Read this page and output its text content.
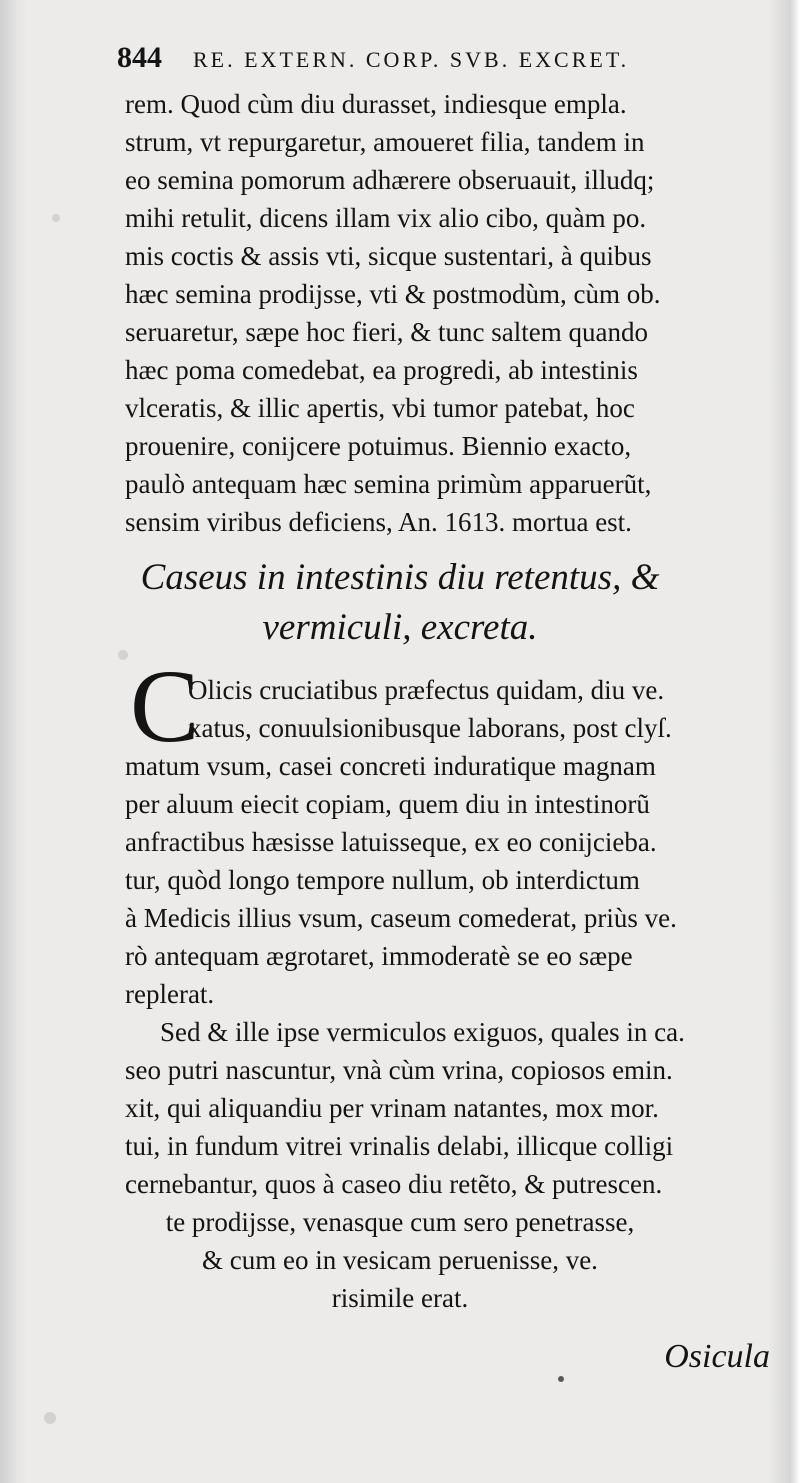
844 RE. EXTERN. CORP. SVB. EXCRET.
rem. Quod cùm diu durasset, indiesque empla.
strum, vt repurgaretur, amoueret filia, tandem in
eo semina pomorum adhærere obseruauit, illudq;
mihi retulit, dicens illam vix alio cibo, quàm po.
mis coctis & assis vti, sicque sustentari, à quibus
hæc semina prodijsse, vti & postmodùm, cùm ob.
seruaretur, sæpe hoc fieri, & tunc saltem quando
hæc poma comedebat, ea progredi, ab intestinis
vlceratis, & illic apertis, vbi tumor patebat, hoc
prouenire, conijcere potuimus. Biennio exacto,
paulò antequam hæc semina primùm apparuerũt,
sensim viribus deficiens, An. 1613. mortua est.
Caseus in intestinis diu retentus, &
vermiculi, excreta.
C
Olicis cruciatibus præfectus quidam, diu ve.
xatus, conuulsionibusque laborans, post clyſ.
matum vsum, casei concreti induratique magnam
per aluum eiecit copiam, quem diu in intestinorũ
anfractibus hæsisse latuisseque, ex eo conijcieba.
tur, quòd longo tempore nullum, ob interdictum
à Medicis illius vsum, caseum comederat, priùs ve.
rò antequam ægrotaret, immoderatè se eo sæpe
replerat.
Sed & ille ipse vermiculos exiguos, quales in ca.
seo putri nascuntur, vnà cùm vrina, copiosos emin.
xit, qui aliquandiu per vrinam natantes, mox mor.
tui, in fundum vitrei vrinalis delabi, illicque colligi
cernebantur, quos à caseo diu retẽto, & putrescen.
te prodijsse, venasque cum sero penetrasse,
& cum eo in vesicam peruenisse, ve.
risimile erat.
Osicula
